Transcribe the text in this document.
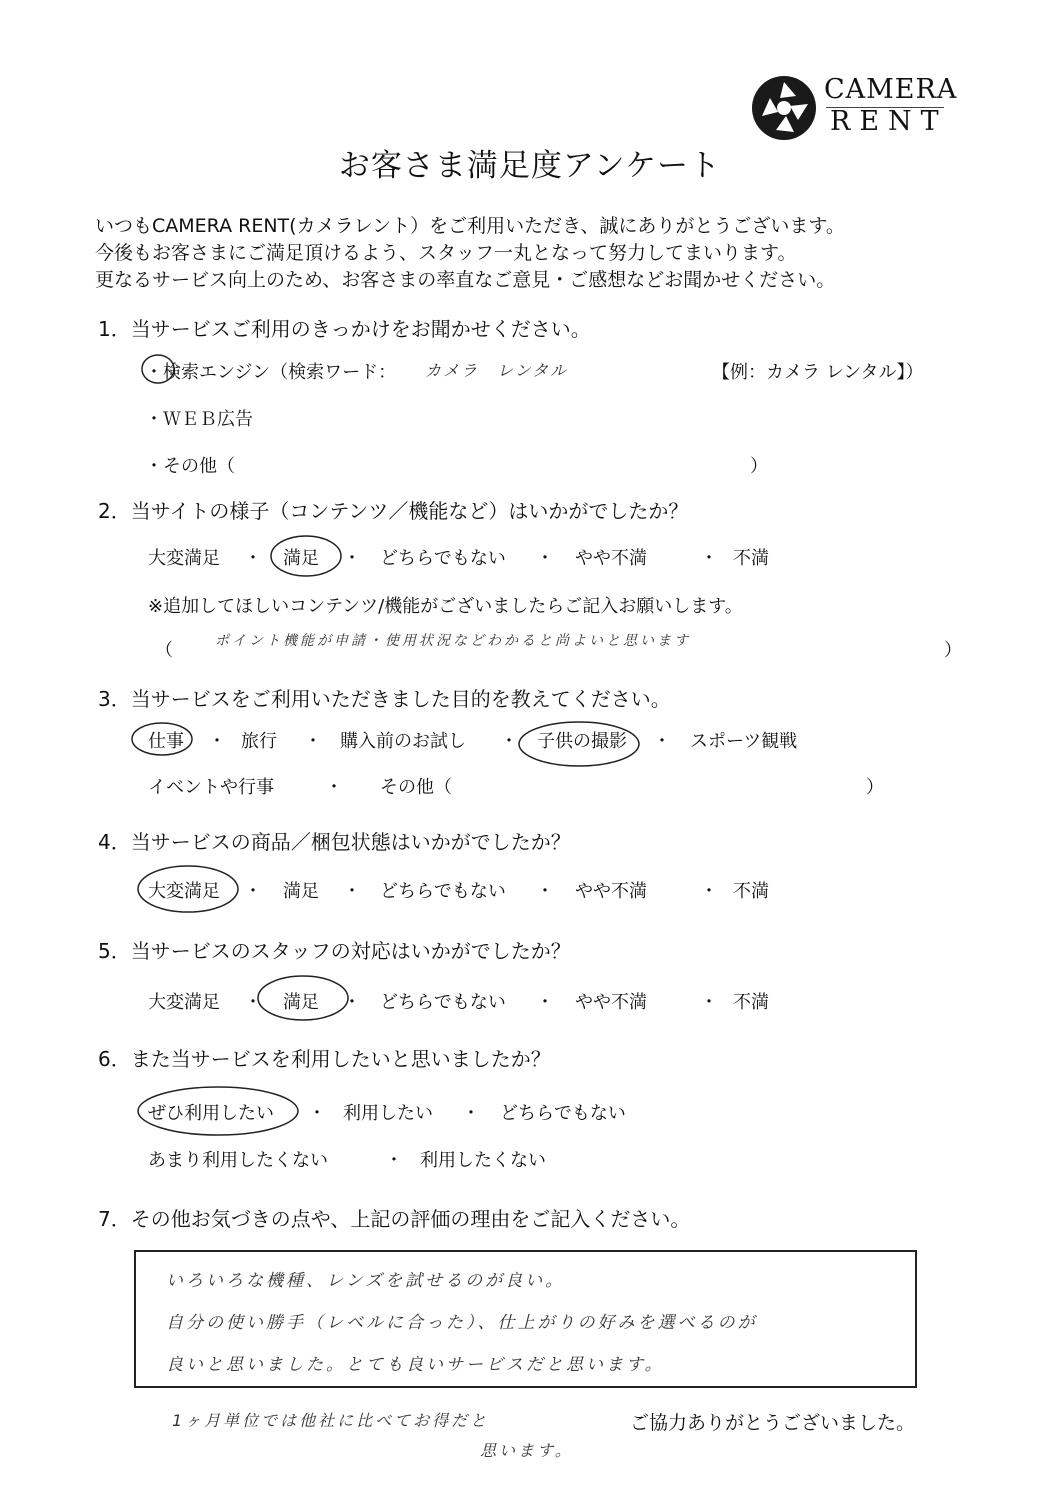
CAMERA
RENT
お客さま満足度アンケート
いつもCAMERA RENT(カメラレント）をご利用いただき、誠にありがとうございます。
今後もお客さまにご満足頂けるよう、スタッフ一丸となって努力してまいります。
更なるサービス向上のため、お客さまの率直なご意見・ご感想などお聞かせください。
1．当サービスご利用のきっかけをお聞かせください。
・検索エンジン（検索ワード： カメラ　レンタル	【例：カメラ レンタル】）
・ＷＥＢ広告
・その他（	）
2．当サイトの様子（コンテンツ／機能など）はいかがでしたか？
大変満足 ・ 満足 ・ どちらでもない ・ やや不満	・ 不満
※追加してほしいコンテンツ/機能がございましたらご記入お願いします。
（	ポイント機能が申請・使用状況などわかると尚よいと思います	）
3．当サービスをご利用いただきました目的を教えてください。
仕事 ・ 旅行 ・ 購入前のお試し ・ 子供の撮影 ・ スポーツ観戦
イベントや行事	・ その他（	）
4．当サービスの商品／梱包状態はいかがでしたか？
大変満足 ・ 満足 ・ どちらでもない ・ やや不満	・ 不満
5．当サービスのスタッフの対応はいかがでしたか？
大変満足 ・ 満足 ・ どちらでもない ・ やや不満	・ 不満
6．また当サービスを利用したいと思いましたか？
ぜひ利用したい ・ 利用したい ・ どちらでもない
あまり利用したくない	・ 利用したくない
7．その他お気づきの点や、上記の評価の理由をご記入ください。
いろいろな機種、レンズを試せるのが良い。
自分の使い勝手（レベルに合った）、仕上がりの好みを選べるのが
良いと思いました。とても良いサービスだと思います。
1ヶ月単位では他社に比べてお得だと
思います。
ご協力ありがとうございました。
